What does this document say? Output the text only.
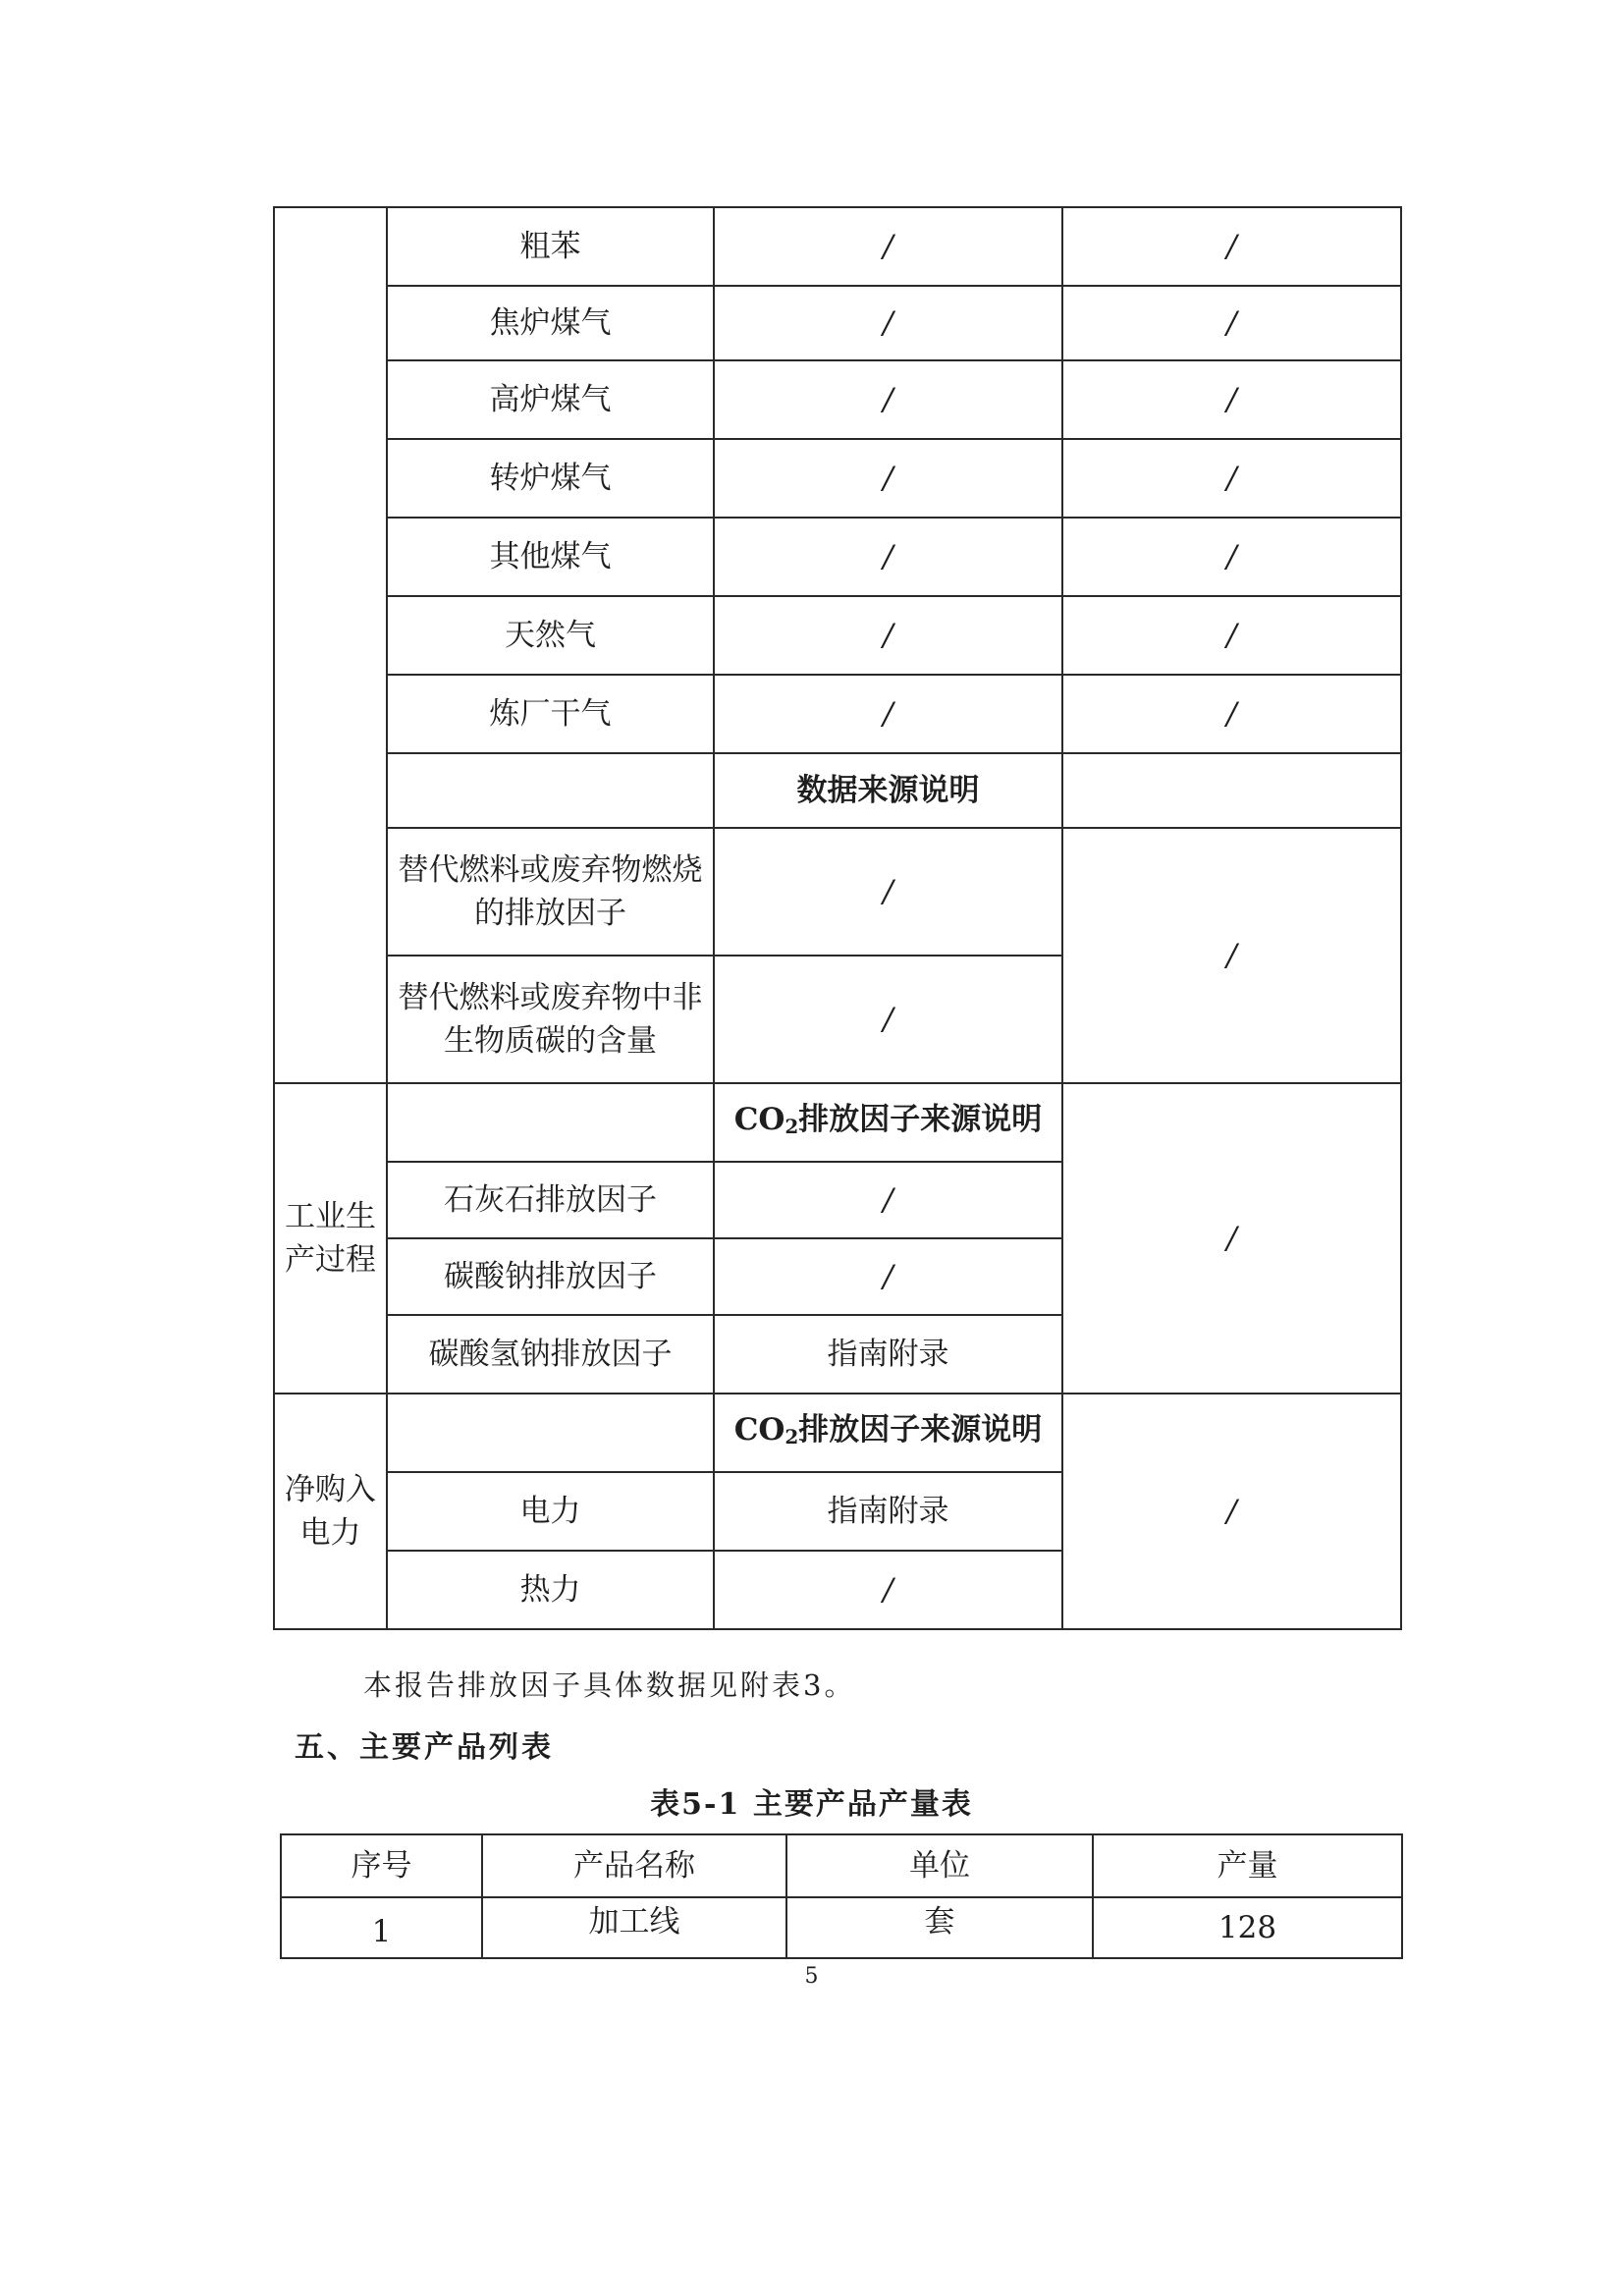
	粗苯	/	/
	焦炉煤气	/	/
	高炉煤气	/	/
	转炉煤气	/	/
	其他煤气	/	/
	天然气	/	/
	炼厂干气	/	/
		数据来源说明	
	替代燃料或废弃物燃烧的排放因子	/	/
	替代燃料或废弃物中非生物质碳的含量	/	

工业生产过程		CO2排放因子来源说明	/
	石灰石排放因子	/	
	碳酸钠排放因子	/	
	碳酸氢钠排放因子	指南附录	
净购入电力		CO2排放因子来源说明	/
	电力	指南附录	
	热力	/	
本报告排放因子具体数据见附表3。
五、主要产品列表
表5-1 主要产品产量表
序号	产品名称	单位	产量
1	加工线	套	128
5
